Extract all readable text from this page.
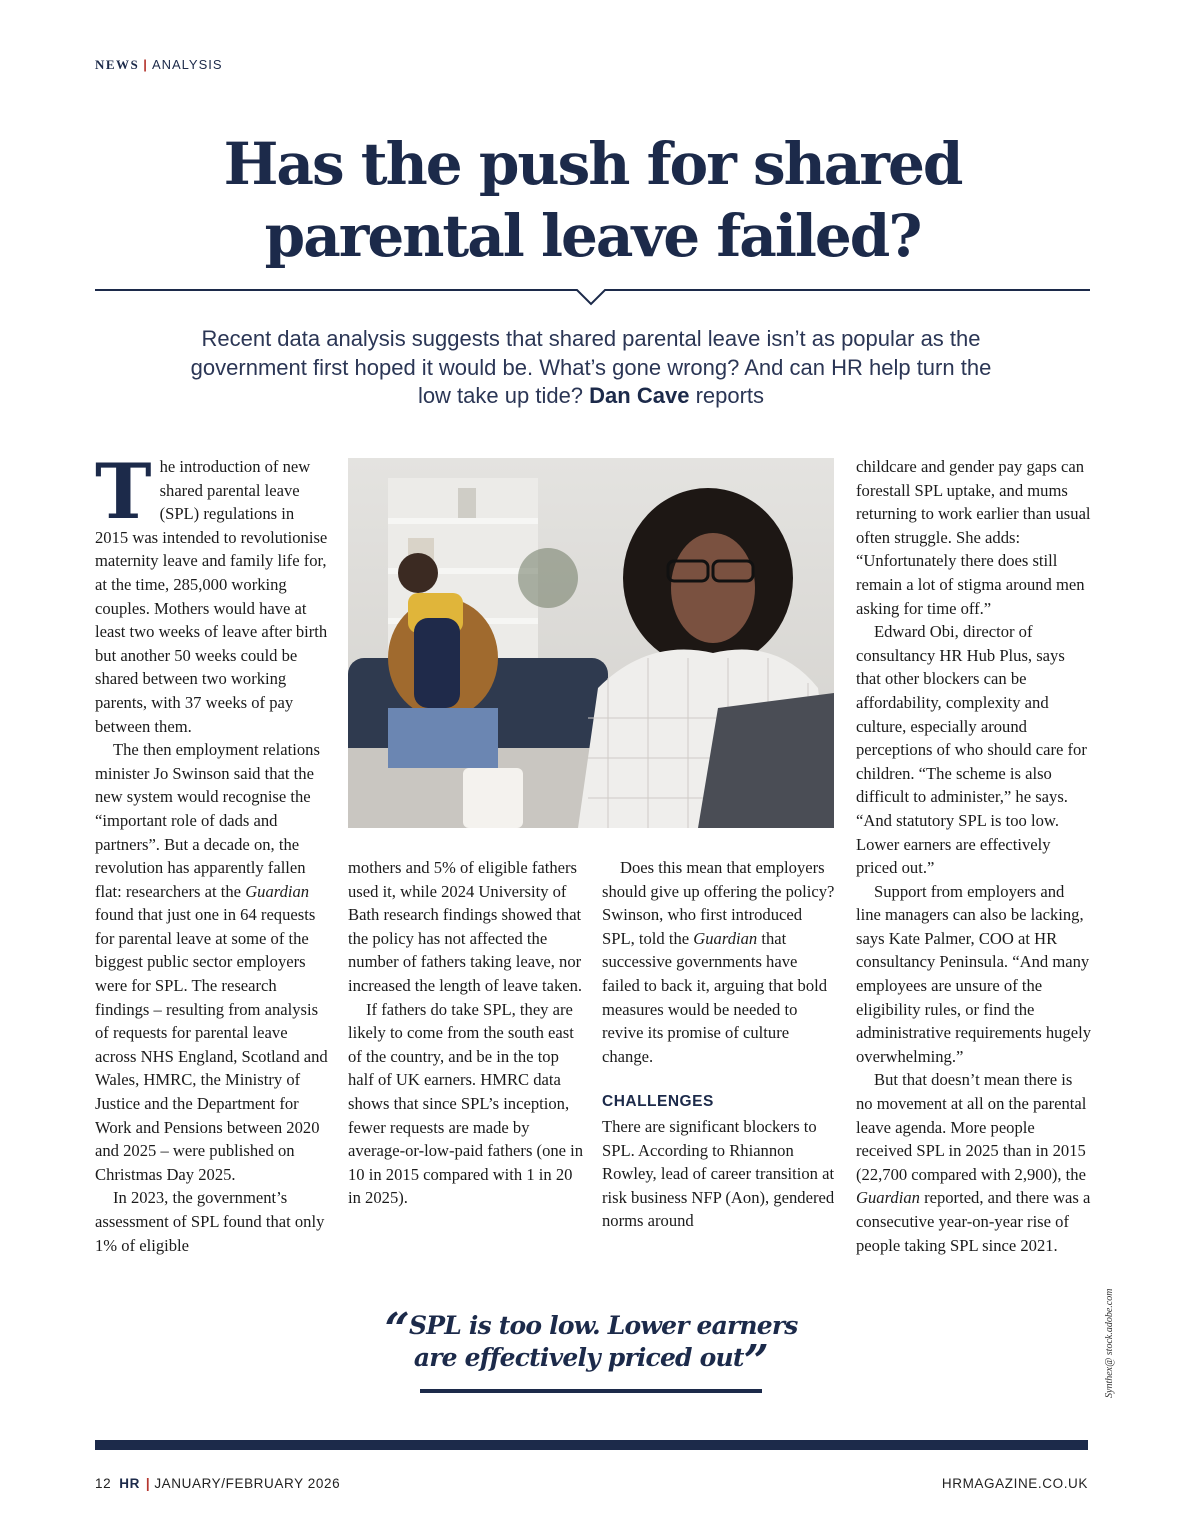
NEWS | ANALYSIS
Has the push for shared
parental leave failed?

Recent data analysis suggests that shared parental leave isn’t as popular as the government first hoped it would be. What’s gone wrong? And can HR help turn the low take up tide? Dan Cave reports

The introduction of new shared parental leave (SPL) regulations in 2015 was intended to revolutionise maternity leave and family life for, at the time, 285,000 working couples. Mothers would have at least two weeks of leave after birth but another 50 weeks could be shared between two working parents, with 37 weeks of pay between them.

The then employment relations minister Jo Swinson said that the new system would recognise the “important role of dads and partners”. But a decade on, the revolution has apparently fallen flat: researchers at the Guardian found that just one in 64 requests for parental leave at some of the biggest public sector employers were for SPL. The research findings – resulting from analysis of requests for parental leave across NHS England, Scotland and Wales, HMRC, the Ministry of Justice and the Department for Work and Pensions between 2020 and 2025 – were published on Christmas Day 2025.

In 2023, the government’s assessment of SPL found that only 1% of eligible

mothers and 5% of eligible fathers used it, while 2024 University of Bath research findings showed that the policy has not affected the number of fathers taking leave, nor increased the length of leave taken.

If fathers do take SPL, they are likely to come from the south east of the country, and be in the top half of UK earners. HMRC data shows that since SPL’s inception, fewer requests are made by average-or-low-paid fathers (one in 10 in 2015 compared with 1 in 20 in 2025).

Does this mean that employers should give up offering the policy? Swinson, who first introduced SPL, told the Guardian that successive governments have failed to back it, arguing that bold measures would be needed to revive its promise of culture change.

CHALLENGES

There are significant blockers to SPL. According to Rhiannon Rowley, lead of career transition at risk business NFP (Aon), gendered norms around

childcare and gender pay gaps can forestall SPL uptake, and mums returning to work earlier than usual often struggle. She adds: “Unfortunately there does still remain a lot of stigma around men asking for time off.”

Edward Obi, director of consultancy HR Hub Plus, says that other blockers can be affordability, complexity and culture, especially around perceptions of who should care for children. “The scheme is also difficult to administer,” he says. “And statutory SPL is too low. Lower earners are effectively priced out.”

Support from employers and line managers can also be lacking, says Kate Palmer, COO at HR consultancy Peninsula. “And many employees are unsure of the eligibility rules, or find the administrative requirements hugely overwhelming.”

But that doesn’t mean there is no movement at all on the parental leave agenda. More people received SPL in 2025 than in 2015 (22,700 compared with 2,900), the Guardian reported, and there was a consecutive year-on-year rise of people taking SPL since 2021.

“SPL is too low. Lower earners
are effectively priced out”	Synthex@ stock.adobe.com
12 HR | JANUARY/FEBRUARY 2026	HRMAGAZINE.CO.UK
